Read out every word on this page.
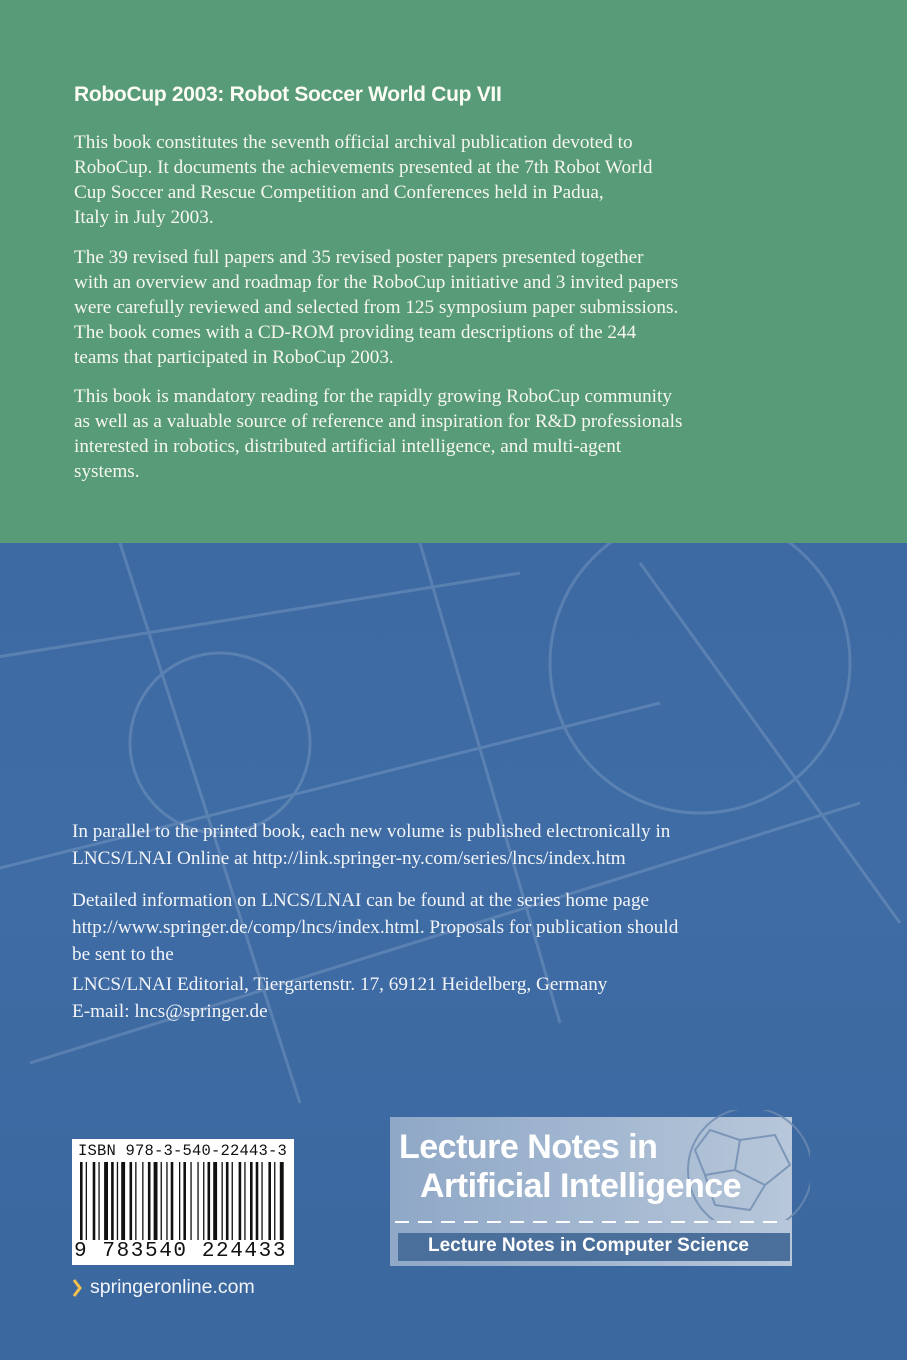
RoboCup 2003: Robot Soccer World Cup VII
This book constitutes the seventh official archival publication devoted to
RoboCup. It documents the achievements presented at the 7th Robot World
Cup Soccer and Rescue Competition and Conferences held in Padua,
Italy in July 2003.
The 39 revised full papers and 35 revised poster papers presented together
with an overview and roadmap for the RoboCup initiative and 3 invited papers
were carefully reviewed and selected from 125 symposium paper submissions.
The book comes with a CD-ROM providing team descriptions of the 244
teams that participated in RoboCup 2003.
This book is mandatory reading for the rapidly growing RoboCup community
as well as a valuable source of reference and inspiration for R&D professionals
interested in robotics, distributed artificial intelligence, and multi-agent
systems.
In parallel to the printed book, each new volume is published electronically in
LNCS/LNAI Online at http://link.springer-ny.com/series/lncs/index.htm
Detailed information on LNCS/LNAI can be found at the series home page
http://www.springer.de/comp/lncs/index.html. Proposals for publication should
be sent to the
LNCS/LNAI Editorial, Tiergartenstr. 17, 69121 Heidelberg, Germany
E-mail: lncs@springer.de
ISBN 978-3-540-22443-3
9 783540 224433
springeronline.com
Lecture Notes in
Artificial Intelligence
Lecture Notes in Computer Science
